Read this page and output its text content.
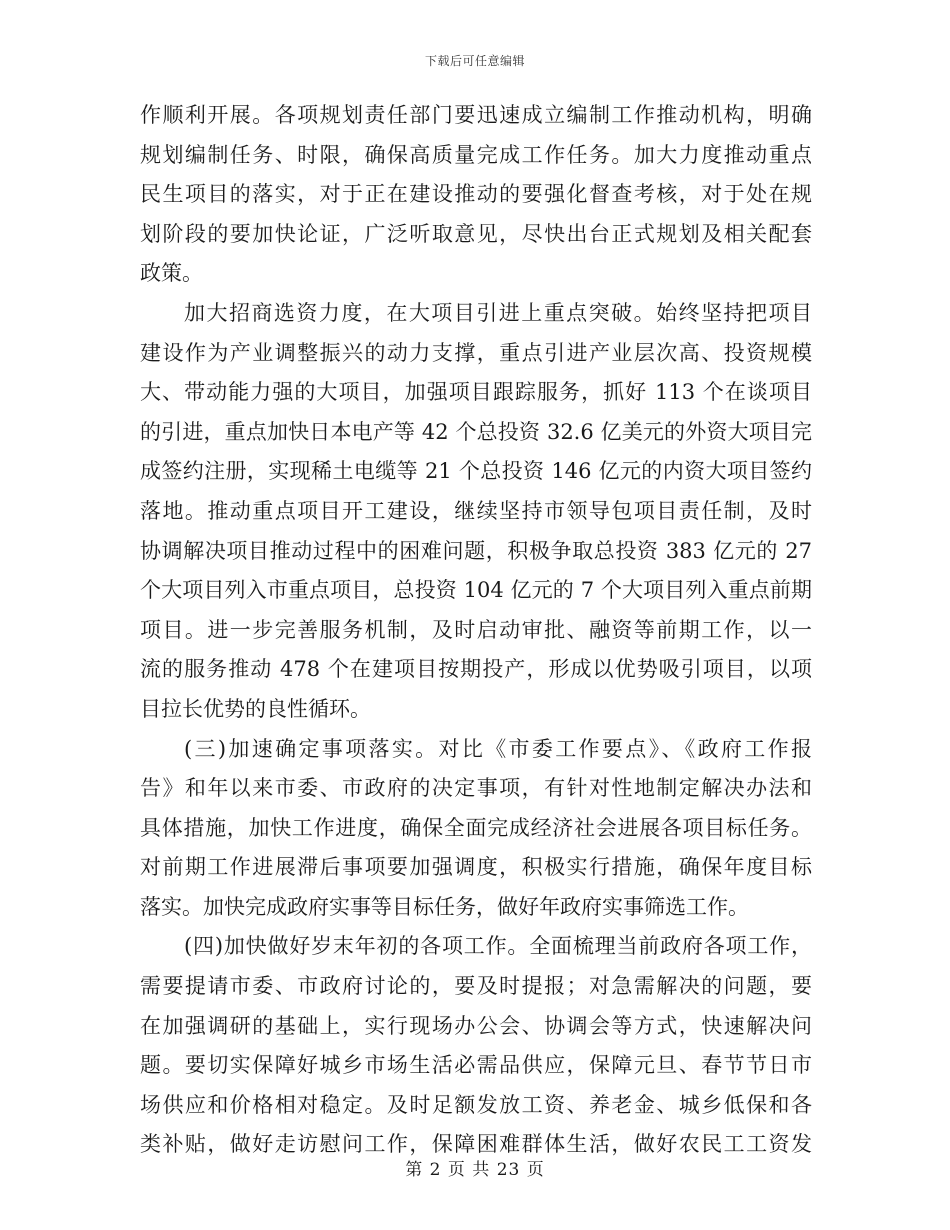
下载后可任意编辑
作顺利开展。各项规划责任部门要迅速成立编制工作推动机构，明确
规划编制任务、时限，确保高质量完成工作任务。加大力度推动重点
民生项目的落实，对于正在建设推动的要强化督查考核，对于处在规
划阶段的要加快论证，广泛听取意见，尽快出台正式规划及相关配套
政策。
加大招商选资力度，在大项目引进上重点突破。始终坚持把项目
建设作为产业调整振兴的动力支撑，重点引进产业层次高、投资规模
大、带动能力强的大项目，加强项目跟踪服务，抓好 113 个在谈项目
的引进，重点加快日本电产等 42 个总投资 32.6 亿美元的外资大项目完
成签约注册，实现稀土电缆等 21 个总投资 146 亿元的内资大项目签约
落地。推动重点项目开工建设，继续坚持市领导包项目责任制，及时
协调解决项目推动过程中的困难问题，积极争取总投资 383 亿元的 27
个大项目列入市重点项目，总投资 104 亿元的 7 个大项目列入重点前期
项目。进一步完善服务机制，及时启动审批、融资等前期工作，以一
流的服务推动 478 个在建项目按期投产，形成以优势吸引项目，以项
目拉长优势的良性循环。
(三)加速确定事项落实。对比《市委工作要点》、《政府工作报
告》和年以来市委、市政府的决定事项，有针对性地制定解决办法和
具体措施，加快工作进度，确保全面完成经济社会进展各项目标任务。
对前期工作进展滞后事项要加强调度，积极实行措施，确保年度目标
落实。加快完成政府实事等目标任务，做好年政府实事筛选工作。
(四)加快做好岁末年初的各项工作。全面梳理当前政府各项工作，
需要提请市委、市政府讨论的，要及时提报；对急需解决的问题，要
在加强调研的基础上，实行现场办公会、协调会等方式，快速解决问
题。要切实保障好城乡市场生活必需品供应，保障元旦、春节节日市
场供应和价格相对稳定。及时足额发放工资、养老金、城乡低保和各
类补贴，做好走访慰问工作，保障困难群体生活，做好农民工工资发
第 2 页 共 23 页
